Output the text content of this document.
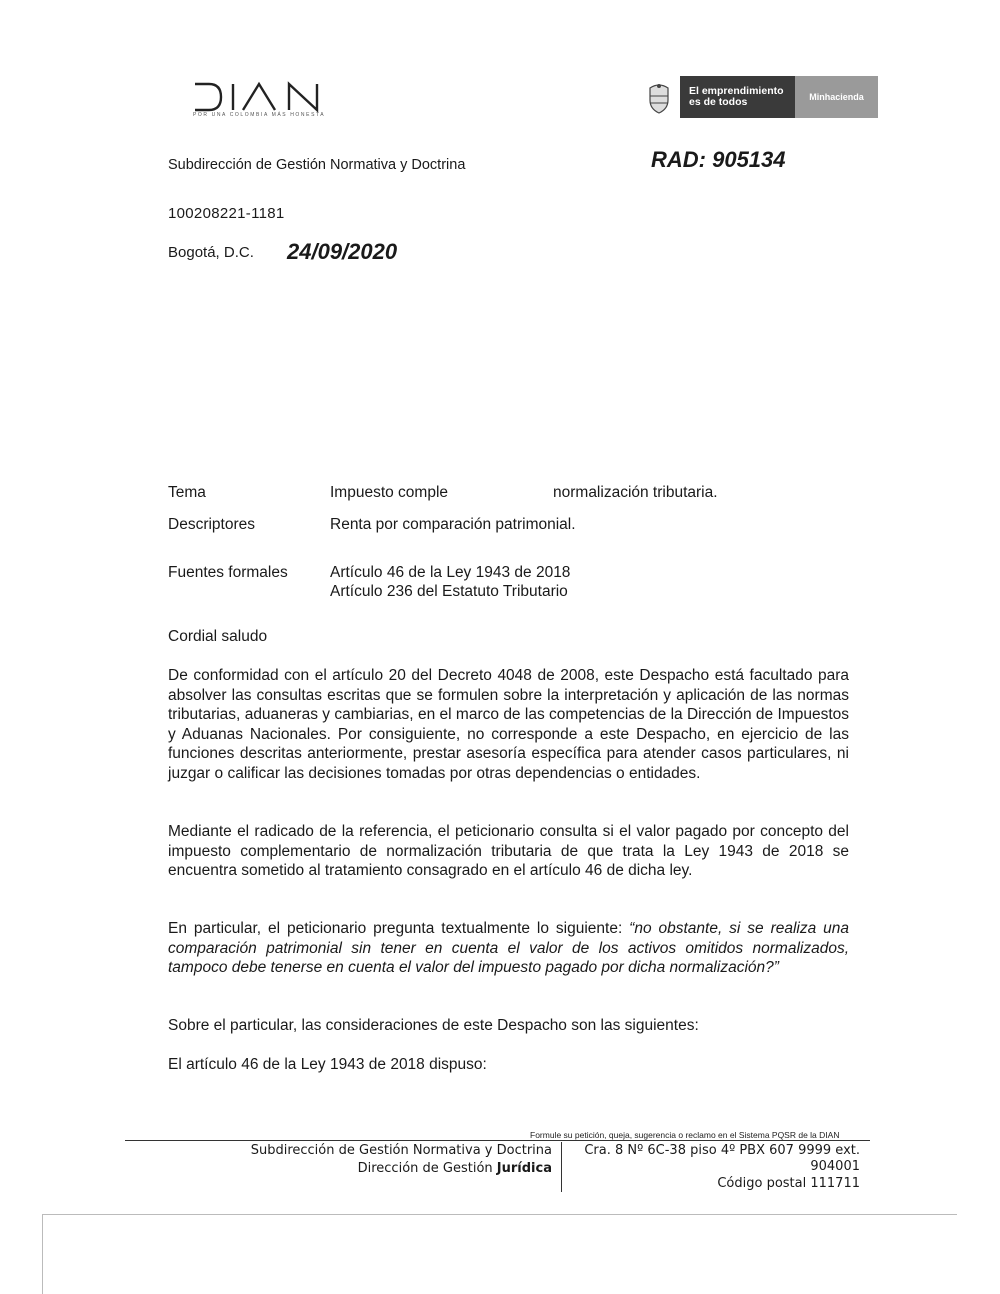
POR UNA COLOMBIA MÁS HONESTA
El emprendimiento
es de todos	Minhacienda
Subdirección de Gestión Normativa y Doctrina	RAD: 905134
100208221-1181
Bogotá, D.C. 24/09/2020
Tema	Impuesto comple	normalización tributaria.
Descriptores	Renta por comparación patrimonial.
Fuentes formales	Artículo 46 de la Ley 1943 de 2018
Artículo 236 del Estatuto Tributario
Cordial saludo
De conformidad con el artículo 20 del Decreto 4048 de 2008, este Despacho está facultado para absolver las consultas escritas que se formulen sobre la interpretación y aplicación de las normas tributarias, aduaneras y cambiarias, en el marco de las competencias de la Dirección de Impuestos y Aduanas Nacionales. Por consiguiente, no corresponde a este Despacho, en ejercicio de las funciones descritas anteriormente, prestar asesoría específica para atender casos particulares, ni juzgar o calificar las decisiones tomadas por otras dependencias o entidades.
Mediante el radicado de la referencia, el peticionario consulta si el valor pagado por concepto del impuesto complementario de normalización tributaria de que trata la Ley 1943 de 2018 se encuentra sometido al tratamiento consagrado en el artículo 46 de dicha ley.
En particular, el peticionario pregunta textualmente lo siguiente: “no obstante, si se realiza una comparación patrimonial sin tener en cuenta el valor de los activos omitidos normalizados, tampoco debe tenerse en cuenta el valor del impuesto pagado por dicha normalización?”
Sobre el particular, las consideraciones de este Despacho son las siguientes:
El artículo 46 de la Ley 1943 de 2018 dispuso:
Formule su petición, queja, sugerencia o reclamo en el Sistema PQSR de la DIAN
Subdirección de Gestión Normativa y Doctrina
Dirección de Gestión Jurídica
Cra. 8 Nº 6C-38 piso 4º PBX 607 9999 ext.
904001
Código postal 111711
